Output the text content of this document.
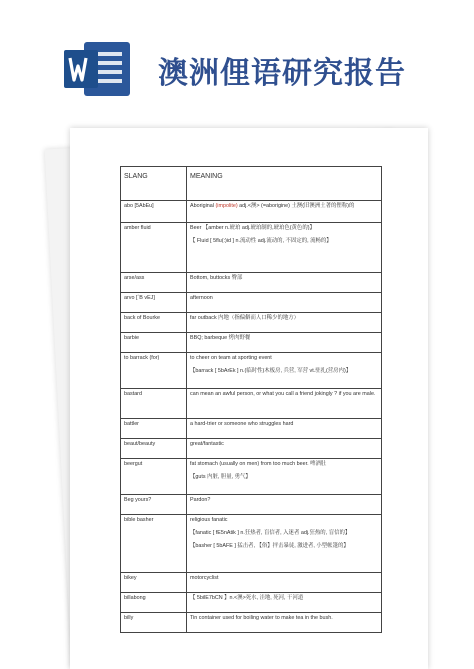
澳洲俚语研究报告
SLANG	MEANING
abo [5AbEu]	Aboriginal (impolite) adj.<澳> (=aborigine) 土澳(旧澳洲土著的俚称)的
amber fluid	Beer 【amber n.琥珀 adj.琥珀制的,琥珀色(黄色的)】
【 Fluid [ 5flu(:)id ] n.流动性 adj.流动的, 不固定的, 流畅的】

arse/ass	Bottom, buttocks 臀部
arvo [`B vEJ]	afternoon
back of Bourke	far outback 内地（指偏僻而人口稀少的地方）
barbie	BBQ; barbeque 烤肉野餐
to barrack (for)	to cheer on team at sporting event
【barrack [ 5bArEk ] n.(临时性)木板房, 兵营, 军营 vt.驻扎(营房内)】

bastard	can mean an awful person, or what you call a friend jokingly ? if you are male.
battler	a hard-trier or someone who struggles hard
beaut/beauty	great/fantastic
beergut	fat stomach (usually on men) from too much beer. 啤酒肚
【guts 内脏, 胆量, 勇气】

Beg yours?	Pardon?
bible basher	religious fanatic
【fanatic [ fE5nAtik ] n.狂热者, 盲信者, 入迷者 adj.狂热的, 盲信的】
【basher [ 5bAFE ] 猛击者, 【俗】抨击暴徒, 激进者, 小型帐篷的】

bikey	motorcyclist
billabong	【 5bilE7bCN 】n.<澳>死水, 洼地, 死河, 干河道
billy	Tin container used for boiling water to make tea in the bush.
